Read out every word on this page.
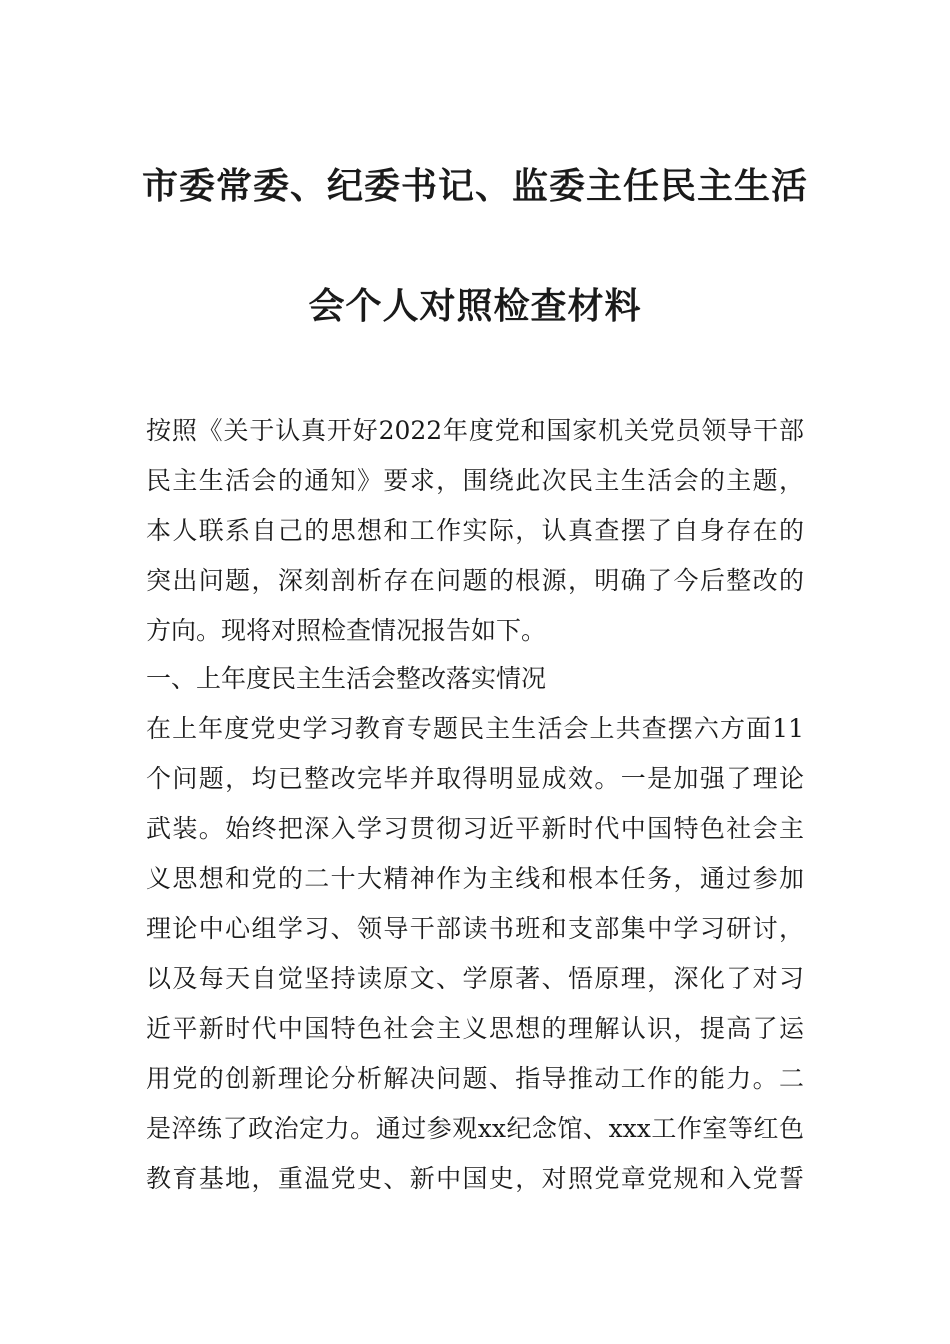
市委常委、纪委书记、监委主任民主生活
会个人对照检查材料
按照《关于认真开好2022年度党和国家机关党员领导干部
民主生活会的通知》要求，围绕此次民主生活会的主题，
本人联系自己的思想和工作实际，认真查摆了自身存在的
突出问题，深刻剖析存在问题的根源，明确了今后整改的
方向。现将对照检查情况报告如下。
一、上年度民主生活会整改落实情况
在上年度党史学习教育专题民主生活会上共查摆六方面11
个问题，均已整改完毕并取得明显成效。一是加强了理论
武装。始终把深入学习贯彻习近平新时代中国特色社会主
义思想和党的二十大精神作为主线和根本任务，通过参加
理论中心组学习、领导干部读书班和支部集中学习研讨，
以及每天自觉坚持读原文、学原著、悟原理，深化了对习
近平新时代中国特色社会主义思想的理解认识，提高了运
用党的创新理论分析解决问题、指导推动工作的能力。二
是淬练了政治定力。通过参观xx纪念馆、xxx工作室等红色
教育基地，重温党史、新中国史，对照党章党规和入党誓
